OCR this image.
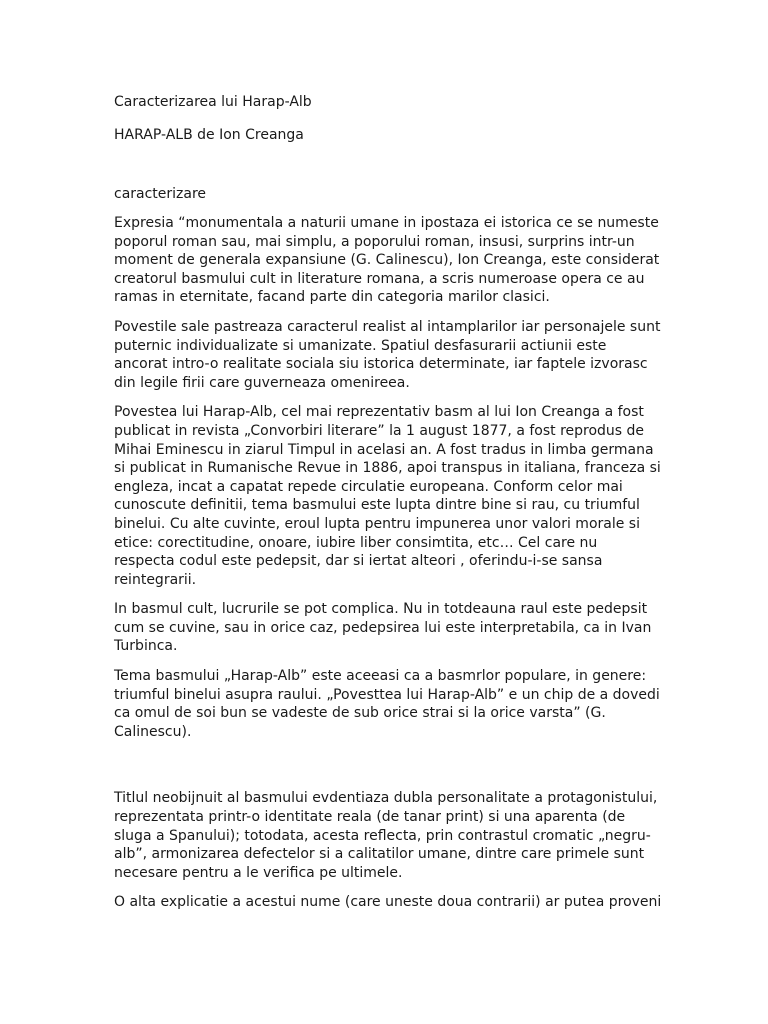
Caracterizarea lui Harap-Alb

HARAP-ALB de Ion Creanga

caracterizare

Expresia “monumentala a naturii umane in ipostaza ei istorica ce se numeste poporul roman sau, mai simplu, a poporului roman, insusi, surprins intr-un moment de generala expansiune (G. Calinescu), Ion Creanga, este considerat creatorul basmului cult in literature romana, a scris numeroase opera ce au ramas in eternitate, facand parte din categoria marilor clasici.

Povestile sale pastreaza caracterul realist al intamplarilor iar personajele sunt puternic individualizate si umanizate. Spatiul desfasurarii actiunii este ancorat intro-o realitate sociala siu istorica determinate, iar faptele izvorasc din legile firii care guverneaza omenireea.

Povestea lui Harap-Alb, cel mai reprezentativ basm al lui Ion Creanga a fost publicat in revista „Convorbiri literare” la 1 august 1877, a fost reprodus de Mihai Eminescu in ziarul Timpul in acelasi an. A fost tradus in limba germana si publicat in Rumanische Revue in 1886, apoi transpus in italiana, franceza si engleza, incat a capatat repede circulatie europeana. Conform celor mai cunoscute definitii, tema basmului este lupta dintre bine si rau, cu triumful binelui. Cu alte cuvinte, eroul lupta pentru impunerea unor valori morale si etice: corectitudine, onoare, iubire liber consimtita, etc… Cel care nu respecta codul este pedepsit, dar si iertat alteori , oferindu-i-se sansa reintegrarii.

In basmul cult, lucrurile se pot complica. Nu in totdeauna raul este pedepsit cum se cuvine, sau in orice caz, pedepsirea lui este interpretabila, ca in Ivan Turbinca.

Tema basmului „Harap-Alb” este aceeasi ca a basmrlor populare, in genere: triumful binelui asupra raului. „Povesttea lui Harap-Alb” e un chip de a dovedi ca omul de soi bun se vadeste de sub orice strai si la orice varsta” (G. Calinescu).

Titlul neobijnuit al basmului evdentiaza dubla personalitate a protagonistului, reprezentata printr-o identitate reala (de tanar print) si una aparenta (de sluga a Spanului); totodata, acesta reflecta, prin contrastul cromatic „negru-alb”, armonizarea defectelor si a calitatilor umane, dintre care primele sunt necesare pentru a le verifica pe ultimele.

O alta explicatie a acestui nume (care uneste doua contrarii) ar putea proveni
